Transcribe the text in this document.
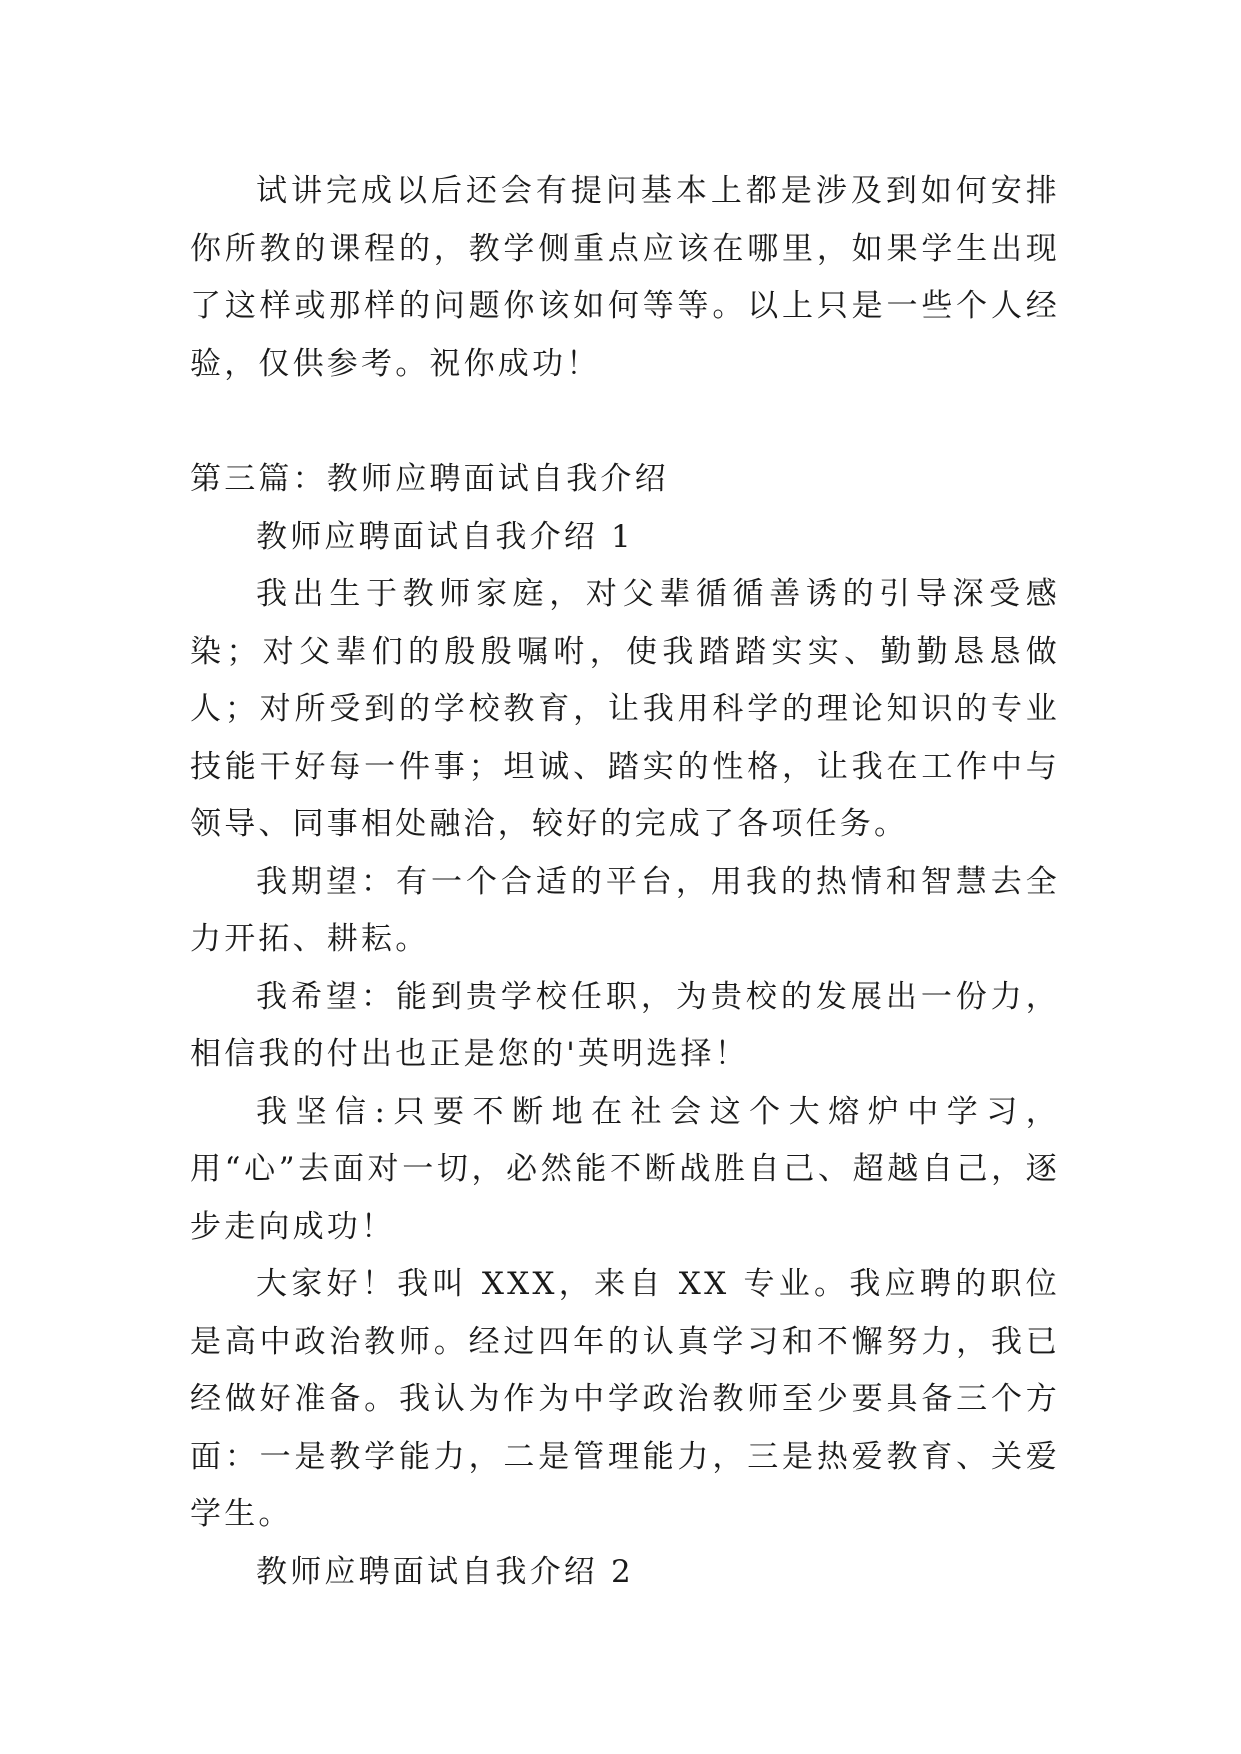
试讲完成以后还会有提问基本上都是涉及到如何安排你所教的课程的，教学侧重点应该在哪里，如果学生出现了这样或那样的问题你该如何等等。以上只是一些个人经验，仅供参考。祝你成功！

第三篇：教师应聘面试自我介绍

教师应聘面试自我介绍 1

我出生于教师家庭，对父辈循循善诱的引导深受感染；对父辈们的殷殷嘱咐，使我踏踏实实、勤勤恳恳做人；对所受到的学校教育，让我用科学的理论知识的专业技能干好每一件事；坦诚、踏实的性格，让我在工作中与领导、同事相处融洽，较好的完成了各项任务。

我期望：有一个合适的平台，用我的热情和智慧去全力开拓、耕耘。

我希望：能到贵学校任职，为贵校的发展出一份力，相信我的付出也正是您的'英明选择！

我坚信:只要不断地在社会这个大熔炉中学习，用“心”去面对一切，必然能不断战胜自己、超越自己，逐步走向成功！

大家好！我叫 XXX，来自 XX 专业。我应聘的职位是高中政治教师。经过四年的认真学习和不懈努力，我已经做好准备。我认为作为中学政治教师至少要具备三个方面：一是教学能力，二是管理能力，三是热爱教育、关爱学生。

教师应聘面试自我介绍 2
